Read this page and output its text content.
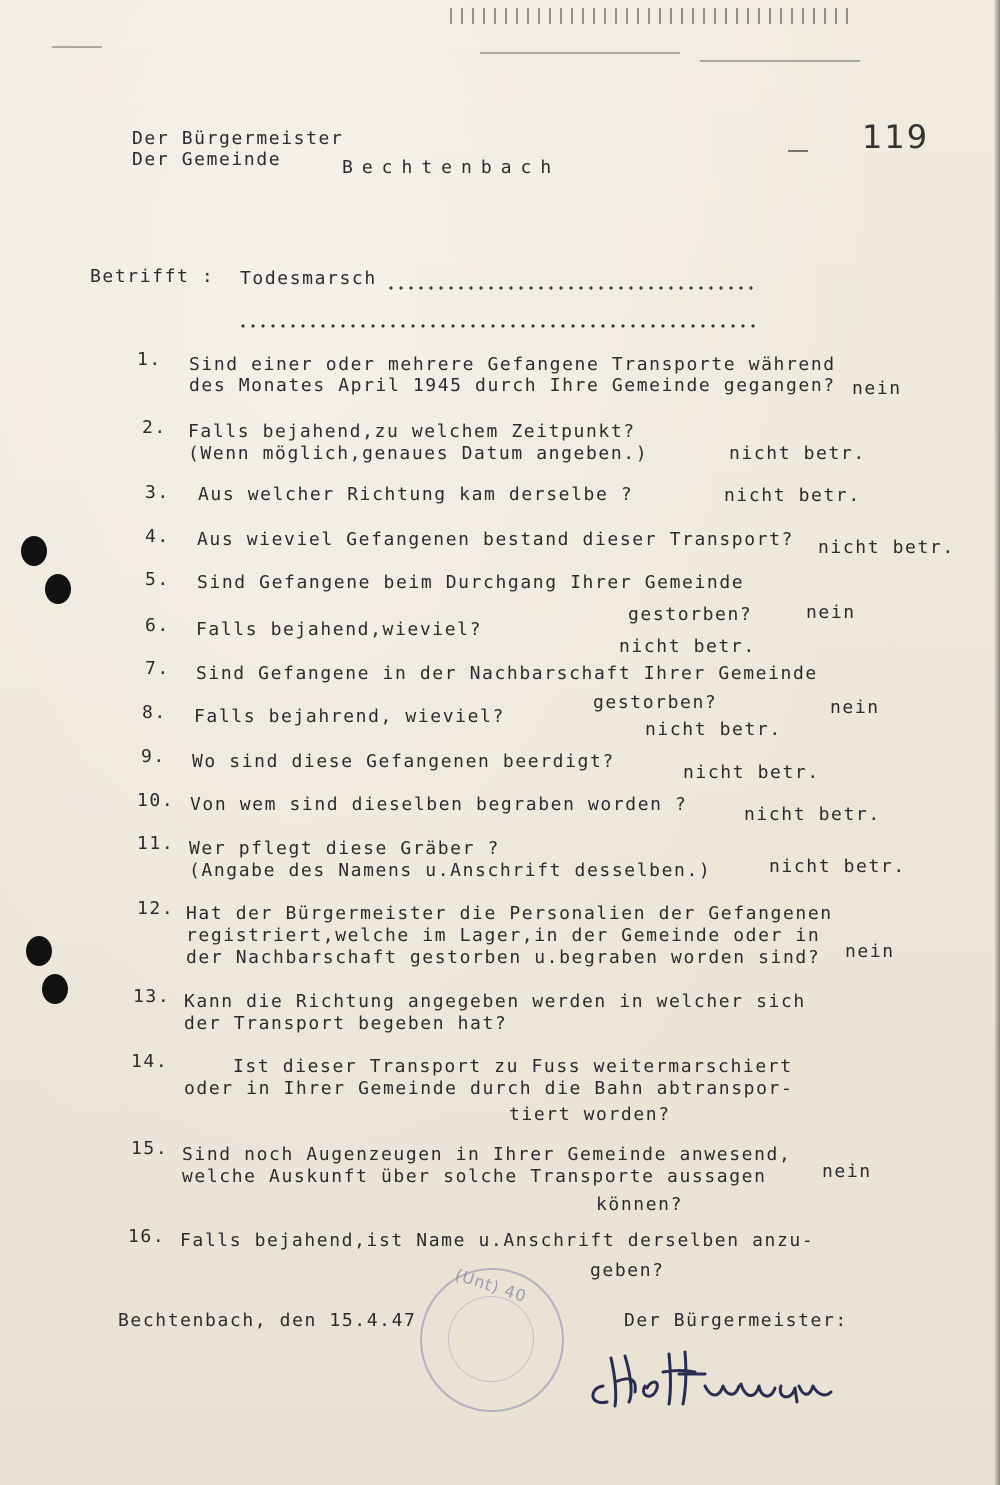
Der Bürgermeister
Der Gemeinde	Bechtenbach
119
Betrifft : Todesmarsch
1. Sind einer oder mehrere Gefangene Transporte während
des Monates April 1945 durch Ihre Gemeinde gegangen? nein
2. Falls bejahend,zu welchem Zeitpunkt?
(Wenn möglich,genaues Datum angeben.)	nicht betr.
3. Aus welcher Richtung kam derselbe ?	nicht betr.
4. Aus wieviel Gefangenen bestand dieser Transport? nicht betr.
5. Sind Gefangene beim Durchgang Ihrer Gemeinde
gestorben?	nein
6. Falls bejahend,wieviel?
nicht betr.
7. Sind Gefangene in der Nachbarschaft Ihrer Gemeinde
gestorben?	nein
8. Falls bejahrend, wieviel?
nicht betr.
9. Wo sind diese Gefangenen beerdigt?
nicht betr.
10. Von wem sind dieselben begraben worden ?	nicht betr.
11. Wer pflegt diese Gräber ?
(Angabe des Namens u.Anschrift desselben.)	nicht betr.
12. Hat der Bürgermeister die Personalien der Gefangenen
registriert,welche im Lager,in der Gemeinde oder in
der Nachbarschaft gestorben u.begraben worden sind? nein
13. Kann die Richtung angegeben werden in welcher sich
der Transport begeben hat?
14.	Ist dieser Transport zu Fuss weitermarschiert
oder in Ihrer Gemeinde durch die Bahn abtranspor-
tiert worden?
15. Sind noch Augenzeugen in Ihrer Gemeinde anwesend,
welche Auskunft über solche Transporte aussagen
können?
nein
16. Falls bejahend,ist Name u.Anschrift derselben anzu-
geben?
Bechtenbach, den 15.4.47	Der Bürgermeister:
(Unt) 40
